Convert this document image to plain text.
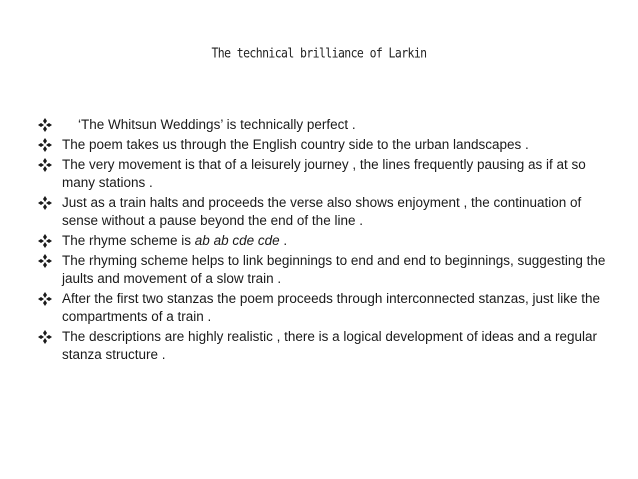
The technical brilliance of Larkin
‘The Whitsun Weddings’ is technically perfect .
The poem takes us through the English country side to the urban landscapes .
The very movement is that of a leisurely journey , the lines frequently pausing as if at so many stations .
Just as a train halts and proceeds the verse also shows enjoyment , the continuation of sense without a pause beyond the end of the line .
The rhyme scheme is ab ab cde cde .
The rhyming scheme helps to link beginnings to end and end to beginnings, suggesting the jaults and movement of a slow train .
After the first two stanzas the poem proceeds through interconnected stanzas, just like the compartments of a train .
The descriptions are highly realistic , there is a logical development of ideas and a regular stanza structure .
